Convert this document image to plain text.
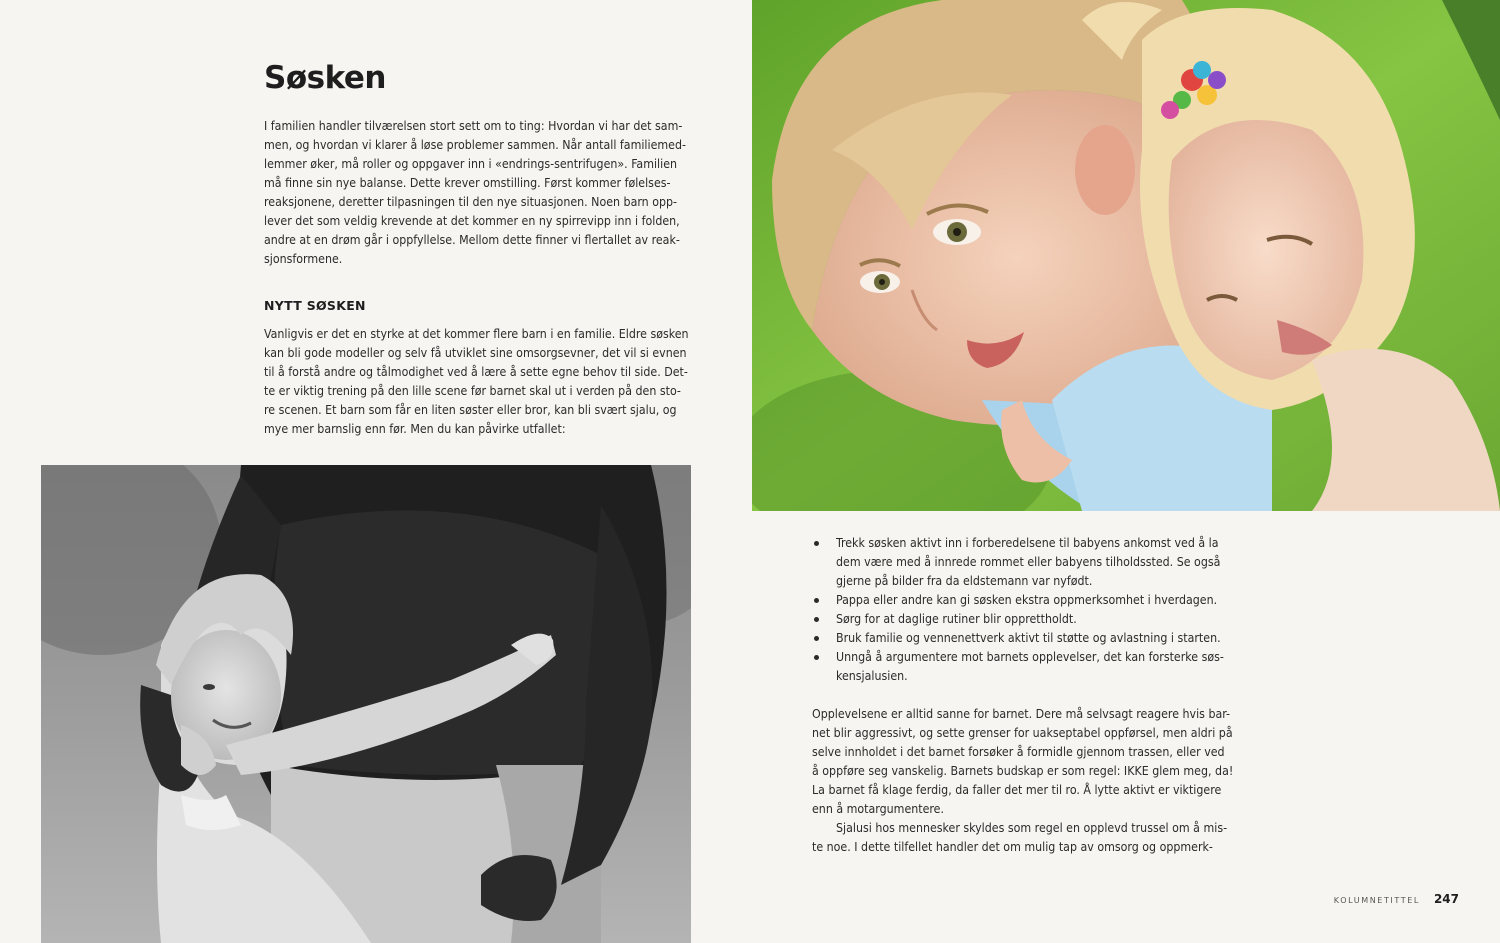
Søsken
I familien handler tilværelsen stort sett om to ting: Hvordan vi har det sam-
men, og hvordan vi klarer å løse problemer sammen. Når antall familiemed-
lemmer øker, må roller og oppgaver inn i «endrings-sentrifugen». Familien
må finne sin nye balanse. Dette krever omstilling. Først kommer følelses-
reaksjonene, deretter tilpasningen til den nye situasjonen. Noen barn opp-
lever det som veldig krevende at det kommer en ny spirrevipp inn i folden,
andre at en drøm går i oppfyllelse. Mellom dette finner vi flertallet av reak-
sjonsformene.
NYTT SØSKEN
Vanligvis er det en styrke at det kommer flere barn i en familie. Eldre søsken
kan bli gode modeller og selv få utviklet sine omsorgsevner, det vil si evnen
til å forstå andre og tålmodighet ved å lære å sette egne behov til side. Det-
te er viktig trening på den lille scene før barnet skal ut i verden på den sto-
re scenen. Et barn som får en liten søster eller bror, kan bli svært sjalu, og
mye mer barnslig enn før. Men du kan påvirke utfallet:
Trekk søsken aktivt inn i forberedelsene til babyens ankomst ved å la
dem være med å innrede rommet eller babyens tilholdssted. Se også
gjerne på bilder fra da eldstemann var nyfødt.
Pappa eller andre kan gi søsken ekstra oppmerksomhet i hverdagen.
Sørg for at daglige rutiner blir opprettholdt.
Bruk familie og vennenettverk aktivt til støtte og avlastning i starten.
Unngå å argumentere mot barnets opplevelser, det kan forsterke søs-
kensjalusien.
Opplevelsene er alltid sanne for barnet. Dere må selvsagt reagere hvis bar-
net blir aggressivt, og sette grenser for uakseptabel oppførsel, men aldri på
selve innholdet i det barnet forsøker å formidle gjennom trassen, eller ved
å oppføre seg vanskelig. Barnets budskap er som regel: IKKE glem meg, da!
La barnet få klage ferdig, da faller det mer til ro. Å lytte aktivt er viktigere
enn å motargumentere.
Sjalusi hos mennesker skyldes som regel en opplevd trussel om å mis-
te noe. I dette tilfellet handler det om mulig tap av omsorg og oppmerk-
KOLUMNETITTEL 247
